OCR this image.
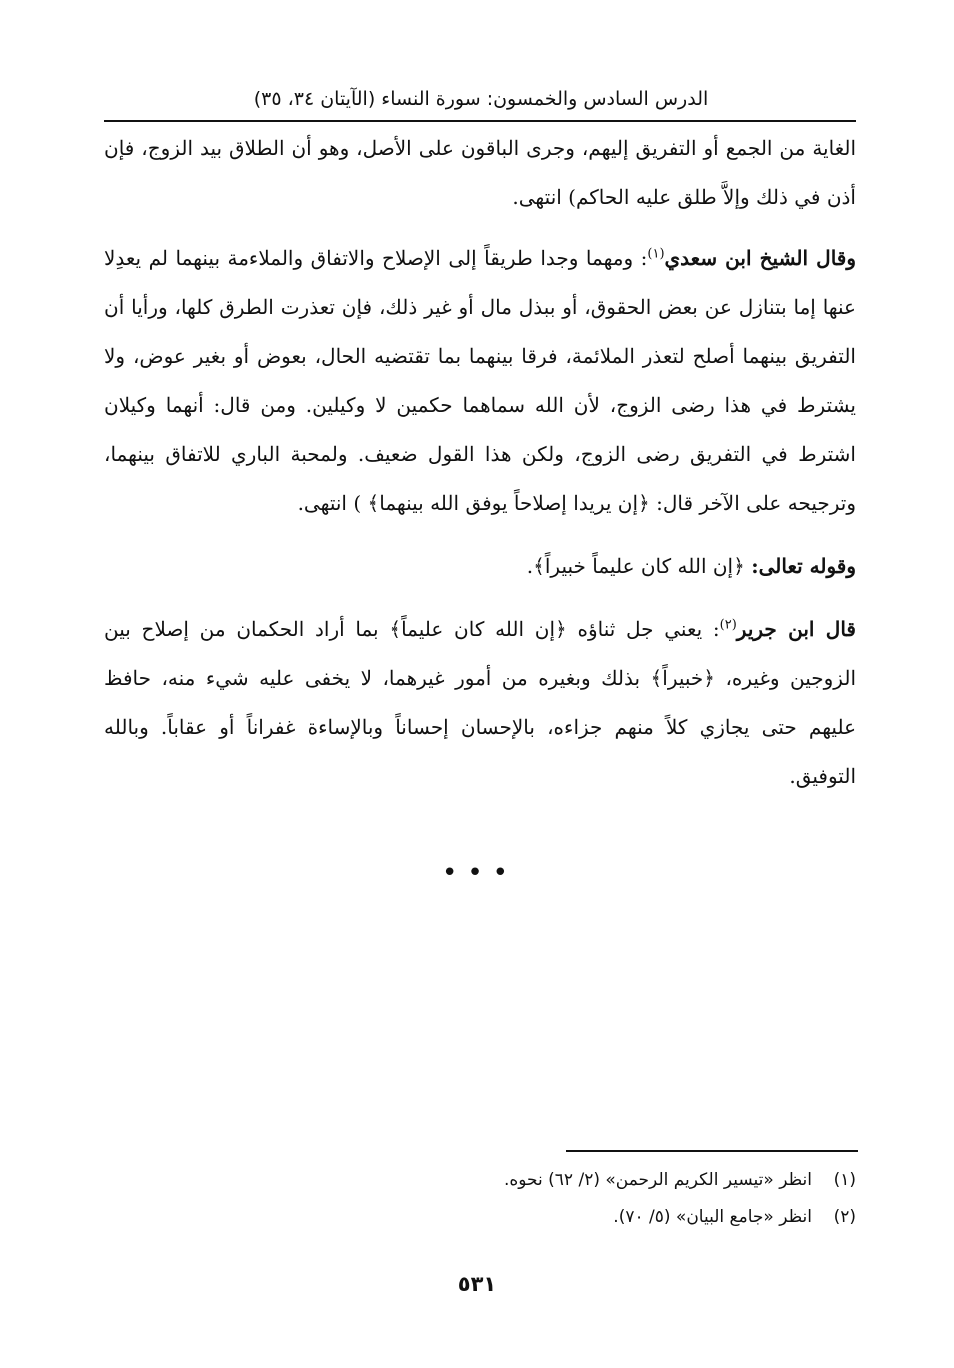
الدرس السادس والخمسون: سورة النساء (الآيتان ٣٤، ٣٥)

الغاية من الجمع أو التفريق إليهم، وجرى الباقون على الأصل، وهو أن الطلاق بيد الزوج، فإن أذن في ذلك وإلاَّ طلق عليه الحاكم) انتهى.

وقال الشيخ ابن سعدي$^{(١)}$: ومهما وجدا طريقاً إلى الإصلاح والاتفاق والملاءمة بينهما لم يعدِلا عنها إما بتنازل عن بعض الحقوق، أو ببذل مال أو غير ذلك، فإن تعذرت الطرق كلها، ورأيا أن التفريق بينهما أصلح لتعذر الملائمة، فرقا بينهما بما تقتضيه الحال، بعوض أو بغير عوض، ولا يشترط في هذا رضى الزوج، لأن الله سماهما حكمين لا وكيلين. ومن قال: أنهما وكيلان اشترط في التفريق رضى الزوج، ولكن هذا القول ضعيف. ولمحبة الباري للاتفاق بينهما، وترجيحه على الآخر قال: ﴿إن يريدا إصلاحاً يوفق الله بينهما﴾ ) انتهى.

وقوله تعالى: ﴿إن الله كان عليماً خبيراً﴾.

قال ابن جرير$^{(٢)}$: يعني جل ثناؤه ﴿إن الله كان عليماً﴾ بما أراد الحكمان من إصلاح بين الزوجين وغيره، ﴿خبيراً﴾ بذلك وبغيره من أمور غيرهما، لا يخفى عليه شيء منه، حافظ عليهم حتى يجازي كلاً منهم جزاءه، بالإحسان إحساناً وبالإساءة غفراناً أو عقاباً. وبالله التوفيق.

•••
(١)انظر «تيسير الكريم الرحمن» (٢/ ٦٢) نحوه.
(٢)انظر «جامع البيان» (٥/ ٧٠).
٥٣١
